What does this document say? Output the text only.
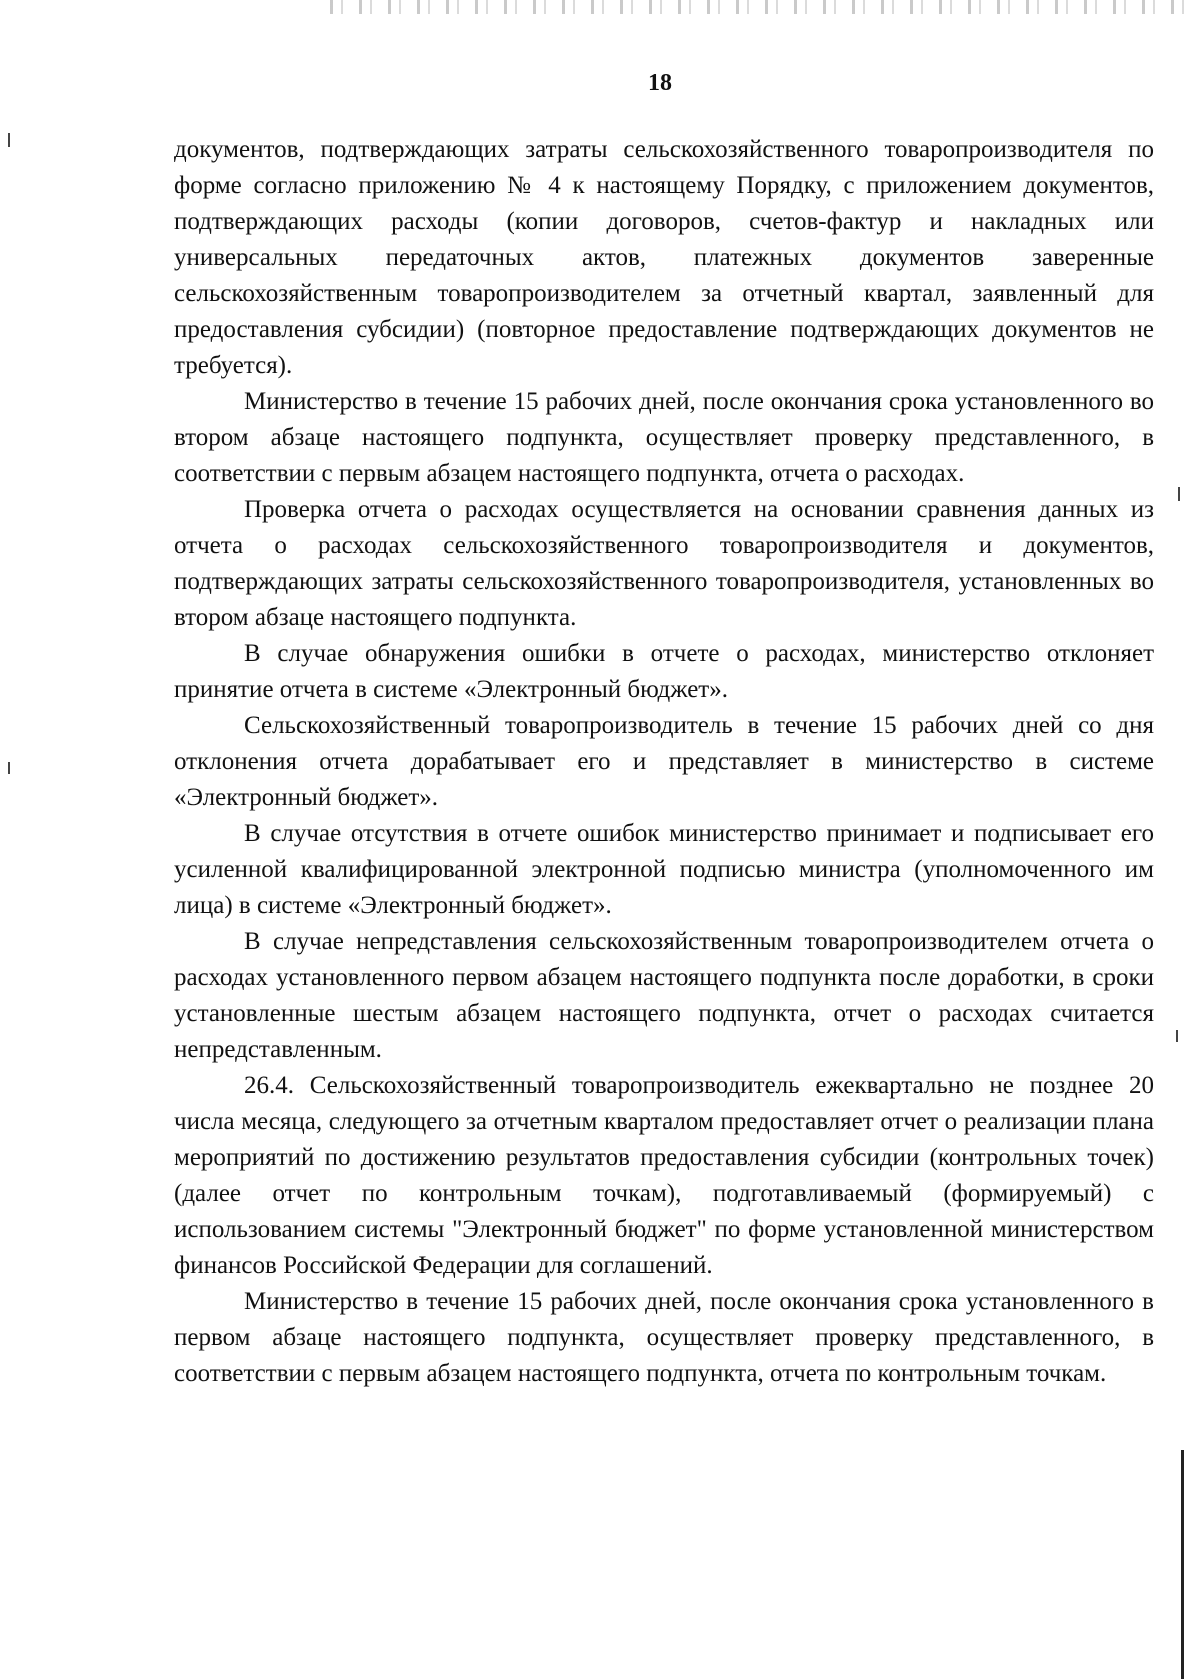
18

документов, подтверждающих затраты сельскохозяйственного товаропроизводителя по форме согласно приложению № 4 к настоящему Порядку, с приложением документов, подтверждающих расходы (копии договоров, счетов-фактур и накладных или универсальных передаточных актов, платежных документов заверенные сельскохозяйственным товаропроизводителем за отчетный квартал, заявленный для предоставления субсидии) (повторное предоставление подтверждающих документов не требуется).

Министерство в течение 15 рабочих дней, после окончания срока установленного во втором абзаце настоящего подпункта, осуществляет проверку представленного, в соответствии с первым абзацем настоящего подпункта, отчета о расходах.

Проверка отчета о расходах осуществляется на основании сравнения данных из отчета о расходах сельскохозяйственного товаропроизводителя и документов, подтверждающих затраты сельскохозяйственного товаропроизводителя, установленных во втором абзаце настоящего подпункта.

В случае обнаружения ошибки в отчете о расходах, министерство отклоняет принятие отчета в системе «Электронный бюджет».

Сельскохозяйственный товаропроизводитель в течение 15 рабочих дней со дня отклонения отчета дорабатывает его и представляет в министерство в системе «Электронный бюджет».

В случае отсутствия в отчете ошибок министерство принимает и подписывает его усиленной квалифицированной электронной подписью министра (уполномоченного им лица) в системе «Электронный бюджет».

В случае непредставления сельскохозяйственным товаропроизводителем отчета о расходах установленного первом абзацем настоящего подпункта после доработки, в сроки установленные шестым абзацем настоящего подпункта, отчет о расходах считается непредставленным.

26.4. Сельскохозяйственный товаропроизводитель ежеквартально не позднее 20 числа месяца, следующего за отчетным кварталом предоставляет отчет о реализации плана мероприятий по достижению результатов предоставления субсидии (контрольных точек) (далее отчет по контрольным точкам), подготавливаемый (формируемый) с использованием системы "Электронный бюджет" по форме установленной министерством финансов Российской Федерации для соглашений.

Министерство в течение 15 рабочих дней, после окончания срока установленного в первом абзаце настоящего подпункта, осуществляет проверку представленного, в соответствии с первым абзацем настоящего подпункта, отчета по контрольным точкам.
